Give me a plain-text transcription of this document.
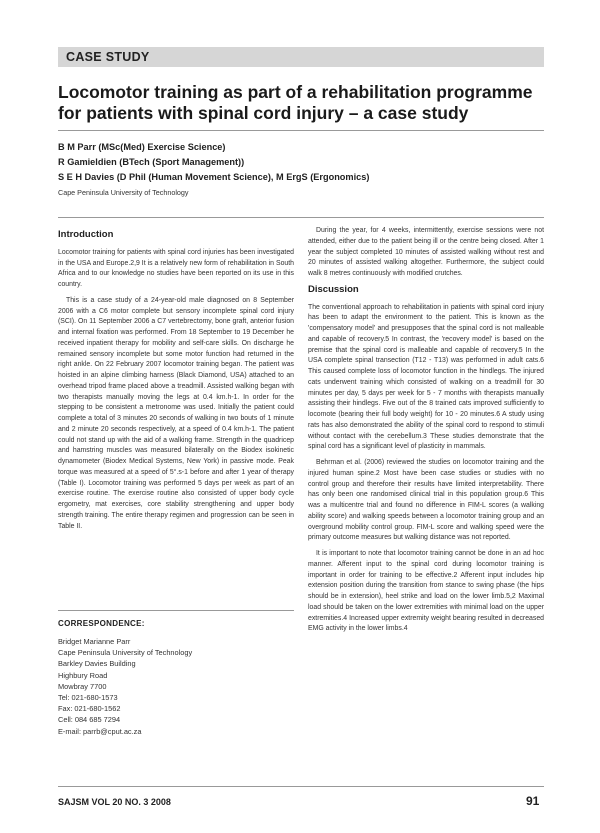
CASE STUDY
Locomotor training as part of a rehabilitation programme
for patients with spinal cord injury – a case study
B M Parr (MSc(Med) Exercise Science)
R Gamieldien (BTech (Sport Management))
S E H Davies (D Phil (Human Movement Science), M ErgS (Ergonomics)
Cape Peninsula University of Technology
Introduction

Locomotor training for patients with spinal cord injuries has been investigated in the USA and Europe.2,9 It is a relatively new form of rehabilitation in South Africa and to our knowledge no studies have been reported on its use in this country.

This is a case study of a 24-year-old male diagnosed on 8 September 2006 with a C6 motor complete but sensory incomplete spinal cord injury (SCI). On 11 September 2006 a C7 vertebrectomy, bone graft, anterior fusion and internal fixation was performed. From 18 September to 19 December he received inpatient therapy for mobility and self-care skills. On discharge he remained sensory incomplete but some motor function had returned in the right ankle. On 22 February 2007 locomotor training began. The patient was hoisted in an alpine climbing harness (Black Diamond, USA) attached to an overhead tripod frame placed above a treadmill. Assisted walking began with two therapists manually moving the legs at 0.4 km.h-1. In order for the stepping to be consistent a metronome was used. Initially the patient could complete a total of 3 minutes 20 seconds of walking in two bouts of 1 minute and 2 minute 20 seconds respectively, at a speed of 0.4 km.h-1. The patient could not stand up with the aid of a walking frame. Strength in the quadricep and hamstring muscles was measured bilaterally on the Biodex isokinetic dynamometer (Biodex Medical Systems, New York) in passive mode. Peak torque was measured at a speed of 5°.s-1 before and after 1 year of therapy (Table I). Locomotor training was performed 5 days per week as part of an exercise routine. The exercise routine also consisted of upper body cycle ergometry, mat exercises, core stability strengthening and upper body strength training. The entire therapy regimen and progression can be seen in Table II.

CORRESPONDENCE:
Bridget Marianne Parr
Cape Peninsula University of Technology
Barkley Davies Building
Highbury Road
Mowbray 7700
Tel: 021-680-1573
Fax: 021-680-1562
Cell: 084 685 7294
E-mail: parrb@cput.ac.za

During the year, for 4 weeks, intermittently, exercise sessions were not attended, either due to the patient being ill or the centre being closed. After 1 year the subject completed 10 minutes of assisted walking without rest and 20 minutes of assisted walking altogether. Furthermore, the subject could walk 8 metres continuously with modified crutches.

Discussion

The conventional approach to rehabilitation in patients with spinal cord injury has been to adapt the environment to the patient. This is known as the 'compensatory model' and presupposes that the spinal cord is not malleable and capable of recovery.5 In contrast, the 'recovery model' is based on the premise that the spinal cord is malleable and capable of recovery.5 In the USA complete spinal transection (T12 - T13) was performed in adult cats.6 This caused complete loss of locomotor function in the hindlegs. The injured cats underwent training which consisted of walking on a treadmill for 30 minutes per day, 5 days per week for 5 - 7 months with therapists manually assisting their hindlegs. Five out of the 8 trained cats improved sufficiently to locomote (bearing their full body weight) for 10 - 20 minutes.6 A study using rats has also demonstrated the ability of the spinal cord to respond to stimuli without contact with the cerebellum.3 These studies demonstrate that the spinal cord has a significant level of plasticity in mammals.

Behrman et al. (2006) reviewed the studies on locomotor training and the injured human spine.2 Most have been case studies or studies with no control group and therefore their results have limited interpretability. There has only been one randomised clinical trial in this population group.6 This was a multicentre trial and found no difference in FIM-L scores (a walking ability score) and walking speeds between a locomotor training group and an overground mobility control group. FIM-L score and walking speed were the primary outcome measures but walking distance was not reported.

It is important to note that locomotor training cannot be done in an ad hoc manner. Afferent input to the spinal cord during locomotor training is important in order for training to be effective.2 Afferent input includes hip extension position during the transition from stance to swing phase (the hips should be in extension), heel strike and load on the lower limb.5,2 Maximal load should be taken on the lower extremities with minimal load on the upper extremities.4 Increased upper extremity weight bearing resulted in decreased EMG activity in the lower limbs.4

SAJSM VOL 20 NO. 3 2008	91
